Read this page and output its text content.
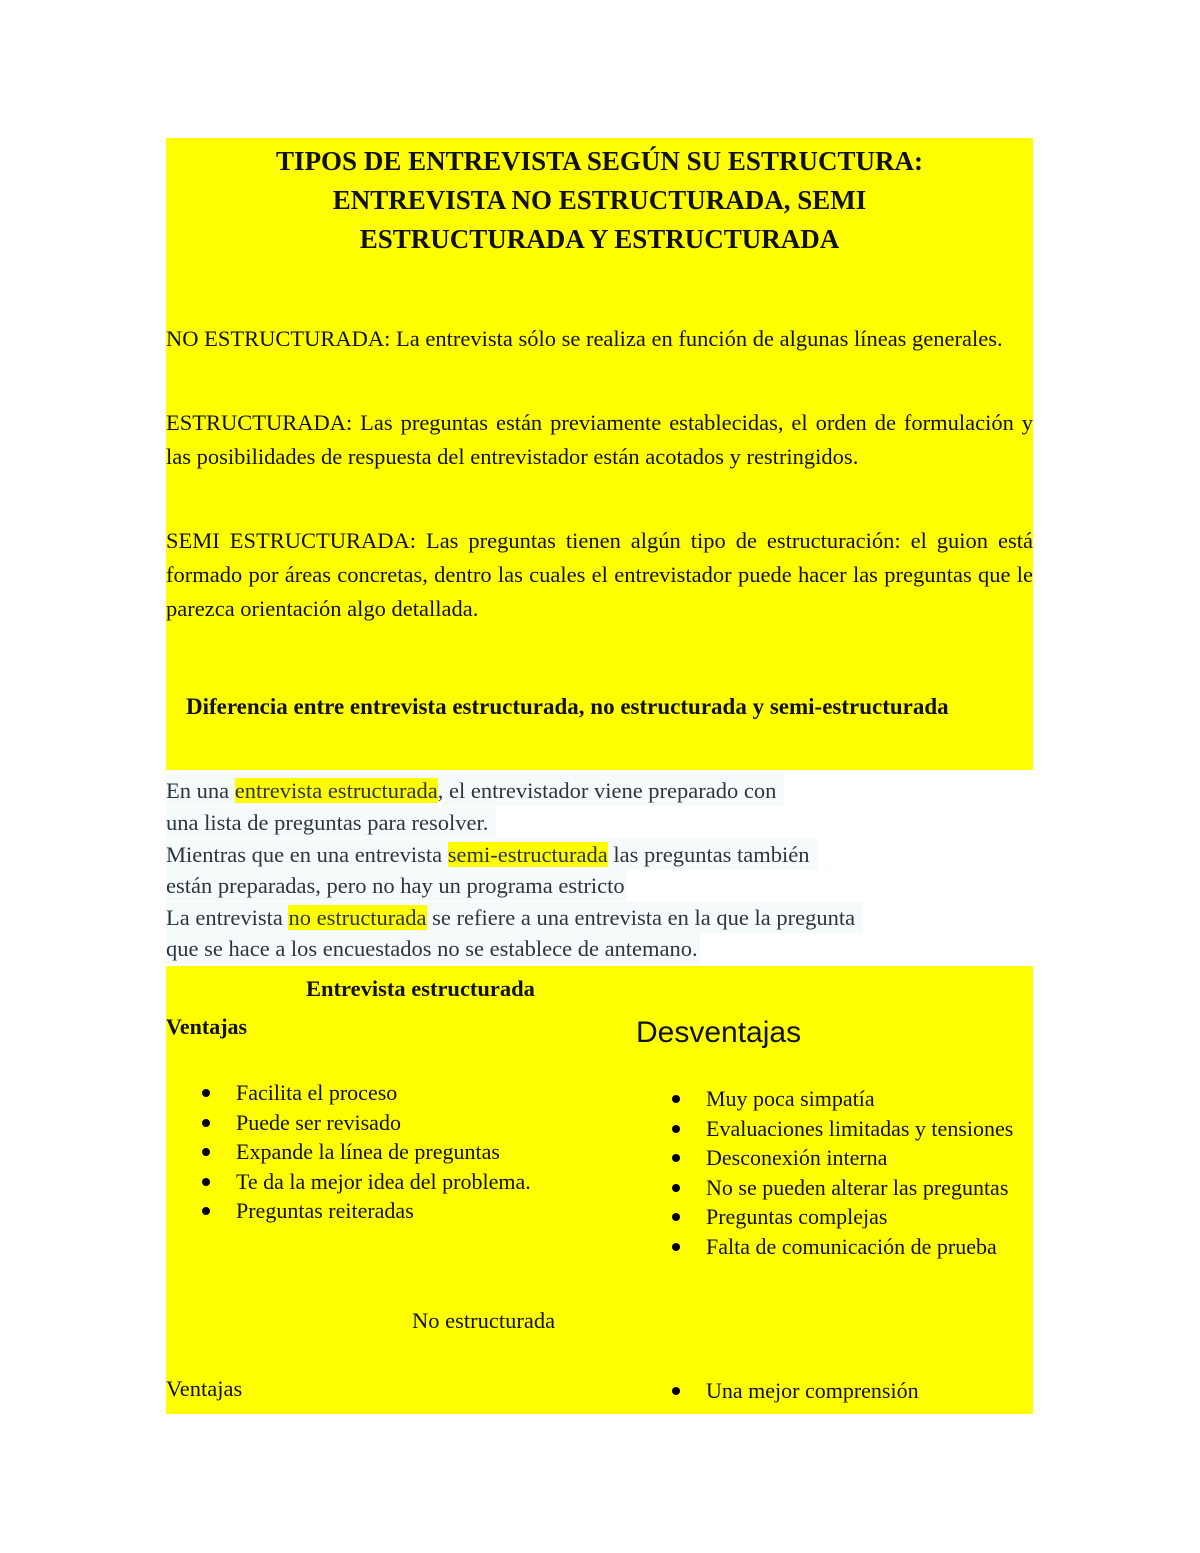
TIPOS DE ENTREVISTA SEGÚN SU ESTRUCTURA:
ENTREVISTA NO ESTRUCTURADA, SEMI
ESTRUCTURADA Y ESTRUCTURADA
NO ESTRUCTURADA: La entrevista sólo se realiza en función de algunas líneas generales.
ESTRUCTURADA: Las preguntas están previamente establecidas, el orden de formulación y las posibilidades de respuesta del entrevistador están acotados y restringidos.
SEMI ESTRUCTURADA: Las preguntas tienen algún tipo de estructuración: el guion está formado por áreas concretas, dentro las cuales el entrevistador puede hacer las preguntas que le parezca orientación algo detallada.
Diferencia entre entrevista estructurada, no estructurada y semi-estructurada
En una entrevista estructurada, el entrevistador viene preparado con
una lista de preguntas para resolver.
Mientras que en una entrevista semi-estructurada las preguntas también
están preparadas, pero no hay un programa estricto
La entrevista no estructurada se refiere a una entrevista en la que la pregunta
que se hace a los encuestados no se establece de antemano.
Entrevista estructurada
Ventajas	Desventajas
Facilita el proceso
Puede ser revisado
Expande la línea de preguntas
Te da la mejor idea del problema.
Preguntas reiteradas
Muy poca simpatía
Evaluaciones limitadas y tensiones
Desconexión interna
No se pueden alterar las preguntas
Preguntas complejas
Falta de comunicación de prueba
No estructurada
Ventajas	Una mejor comprensión
